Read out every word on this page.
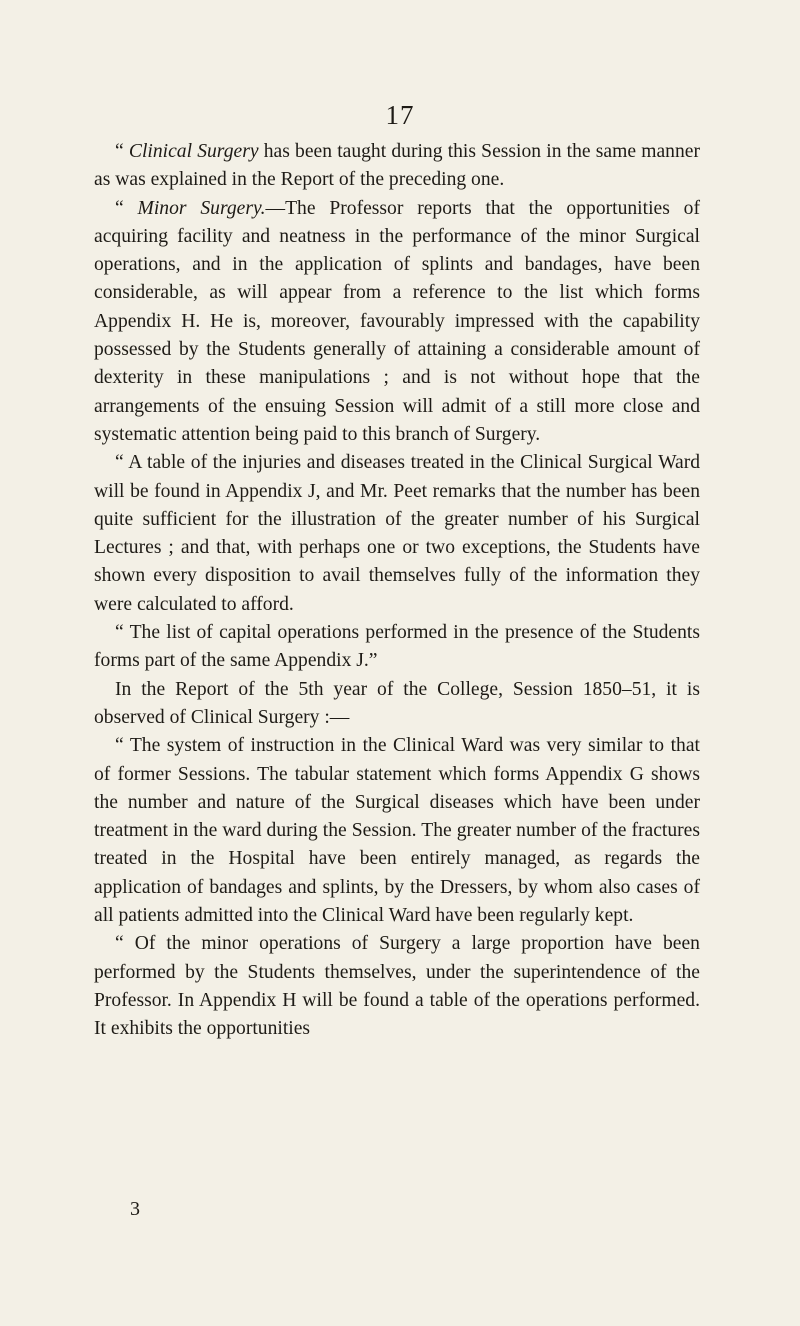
17

“ Clinical Surgery has been taught during this Session in the same manner as was explained in the Report of the preceding one.

“ Minor Surgery.—The Professor reports that the opportunities of acquiring facility and neatness in the performance of the minor Surgical operations, and in the application of splints and bandages, have been considerable, as will appear from a reference to the list which forms Appendix H. He is, moreover, favourably impressed with the capability possessed by the Students generally of attaining a considerable amount of dexterity in these manipulations ; and is not without hope that the arrangements of the ensuing Session will admit of a still more close and systematic attention being paid to this branch of Surgery.

“ A table of the injuries and diseases treated in the Clinical Surgical Ward will be found in Appendix J, and Mr. Peet remarks that the number has been quite sufficient for the illustration of the greater number of his Surgical Lectures ; and that, with perhaps one or two exceptions, the Students have shown every disposition to avail themselves fully of the information they were calculated to afford.

“ The list of capital operations performed in the presence of the Students forms part of the same Appendix J.”

In the Report of the 5th year of the College, Session 1850–51, it is observed of Clinical Surgery :—

“ The system of instruction in the Clinical Ward was very similar to that of former Sessions. The tabular statement which forms Appendix G shows the number and nature of the Surgical diseases which have been under treatment in the ward during the Session. The greater number of the fractures treated in the Hospital have been entirely managed, as regards the application of bandages and splints, by the Dressers, by whom also cases of all patients admitted into the Clinical Ward have been regularly kept.

“ Of the minor operations of Surgery a large proportion have been performed by the Students themselves, under the superintendence of the Professor. In Appendix H will be found a table of the operations performed. It exhibits the opportunities

3
